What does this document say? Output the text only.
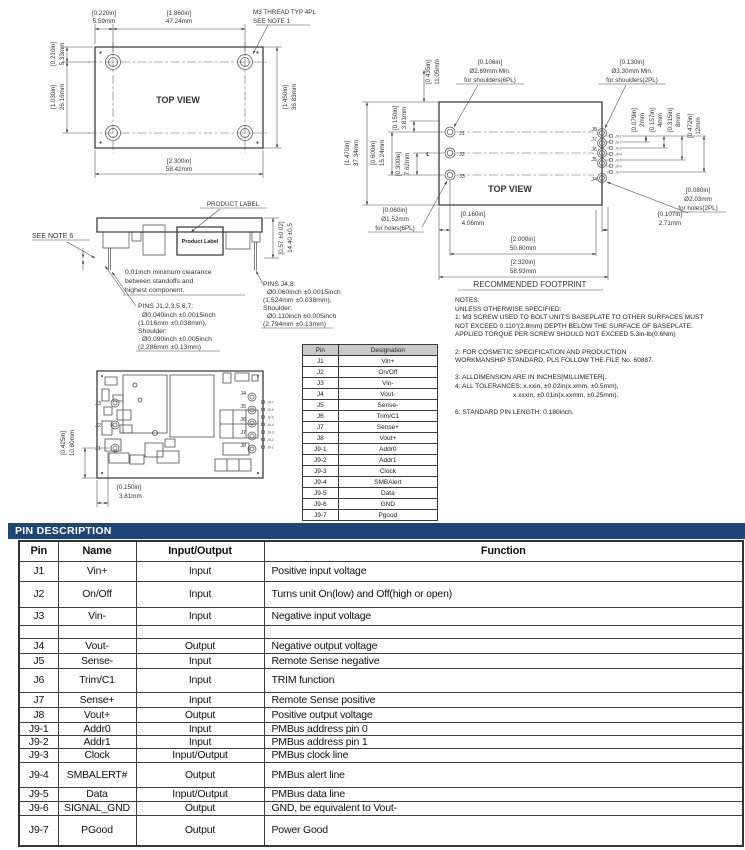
[0.220in]
5.59mm
[1.860in]
47.24mm
[0.210in] 5.33mm
[1.030in] 26.16mm	[1.450in] 36.83mm
[2.300in]
58.42mm
M3 THREAD TYP 4PL
SEE NOTE 1
TOP VIEW
J1
J2
J3
℄
J8
J7
J6
J5
J4
J9-1
J9-2
J9-3
J9-4
J9-5
J9-6
J9-7
[1.470in] 37.34mm [0.600in] 15.24mm [0.300in] 7.62mm
[0.150in] 3.81mm
[0.435in] 11.05mm
[0.079in] 2mm [0.157in] 4mm [0.315in] 8mm [0.472in] 12mm
[0.106in]
Ø2.69mm Min.
for shoulders(6PL)
[0.130in]
Ø3.30mm Min.
for shoulders(2PL)
[0.060in]
Ø1.52mm
for holes(6PL)
[0.160in]
4.06mm
[2.000in]
50.80mm
[2.320in]
58.93mm
[0.107in]
2.71mm
[0.080in]
Ø2.03mm
for holes(2PL)
TOP VIEW
RECOMMENDED FOOTPRINT
Product Label
PRODUCT LABEL
SEE NOTE 6	[0.57 ±0.02] 14.40 ±0.5
0.01inch minimum clearance
between standoffs and
highest component.
PINS J1,2,3,5,6,7:
Ø0.040inch ±0.0015inch
(1.016mm ±0.038mm),
Shoulder:
Ø0.090inch ±0.005inch
(2.286mm ±0.13mm)
PINS J4,8:
Ø0.060inch ±0.0015inch
(1.524mm ±0.038mm),
Shoulder:
Ø0.110inch ±0.005inch
(2.794mm ±0.13mm)
J3
J2
J1
J4
J5
J6
J7
J8
J9-7
J9-6
J9-5
J9-4
J9-3
J9-2
J9-1
[0.425in] 10.80mm
[0.150in]
3.81mm
NOTES:
UNLESS OTHERWISE SPECIFIED:
1: M3 SCREW USED TO BOLT UNIT'S BASEPLATE TO OTHER SURFACES MUST
NOT EXCEED 0.110"(2.8mm) DEPTH BELOW THE SURFACE OF BASEPLATE.
APPLIED TORQUE PER SCREW SHOULD NOT EXCEED 5.3in-lb(0.6Nm)
2: FOR COSMETIC SPECIFICATION AND PRODUCTION
WORKMANSHIP STANDARD, PLS FOLLOW THE FILE No. 60887.
3: ALLDIMENSION ARE IN INCHES[MILLIMETER].
4: ALL TOLERANCES: x.xxin, ±0.02in(x.xmm, ±0.5mm),
x.xxxin, ±0.01in(x.xxmm, ±0.25mm).
6: STANDARD PIN LENGTH: 0.180inch.
Pin	Designation
J1	Vin+
J2	On/Off
J3	Vin-
J4	Vout-
J5	Sense-
J6	Trim/C1
J7	Sense+
J8	Vout+
J9-1	Addr0
J9-2	Addr1
J9-3	Clock
J9-4	SMBAlert
J9-5	Data
J9-6	GND
J9-7	Pgood
PIN DESCRIPTION
Pin	Name	Input/Output	Function
J1	Vin+	Input	Positive input voltage
J2	On/Off	Input	Turns unit On(low) and Off(high or open)
J3	Vin-	Input	Negative input voltage

J4	Vout-	Output	Negative output voltage
J5	Sense-	Input	Remote Sense negative
J6	Trim/C1	Input	TRIM function
J7	Sense+	Input	Remote Sense positive
J8	Vout+	Output	Positive output voltage
J9-1	Addr0	Input	PMBus address pin 0
J9-2	Addr1	Input	PMBus address pin 1
J9-3	Clock	Input/Output	PMBus clock line
J9-4	SMBALERT#	Output	PMBus alert line
J9-5	Data	Input/Output	PMBus data line
J9-6	SIGNAL_GND	Output	GND, be equivalent to Vout-
J9-7	PGood	Output	Power Good
